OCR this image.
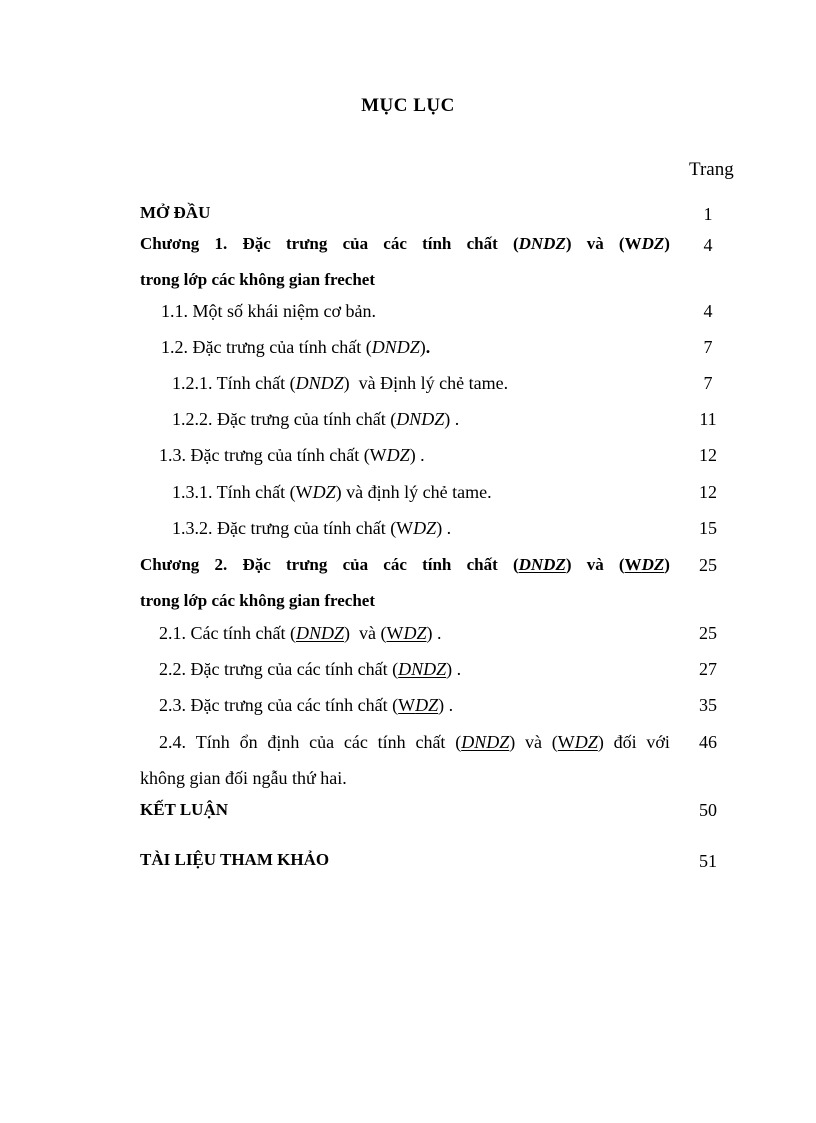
MỤC LỤC
Trang
MỞ ĐẦU	1
Chương 1. Đặc trưng của các tính chất (DNDZ) và (WDZ)	4
trong lớp các không gian frechet
1.1. Một số khái niệm cơ bản.	4
1.2. Đặc trưng của tính chất (DNDZ).	7
1.2.1. Tính chất (DNDZ)  và Định lý chẻ tame.	7
1.2.2. Đặc trưng của tính chất (DNDZ) .	11
1.3. Đặc trưng của tính chất (WDZ) .	12
1.3.1. Tính chất (WDZ) và định lý chẻ tame.	12
1.3.2. Đặc trưng của tính chất (WDZ) .	15
Chương 2. Đặc trưng của các tính chất (DNDZ) và (WDZ)	25
trong lớp các không gian frechet
2.1. Các tính chất (DNDZ)  và (WDZ) .	25
2.2. Đặc trưng của các tính chất (DNDZ) .	27
2.3. Đặc trưng của các tính chất (WDZ) .	35
2.4. Tính ổn định của các tính chất (DNDZ) và (WDZ) đối với	46
không gian đối ngẫu thứ hai.
KẾT LUẬN	50
TÀI LIỆU THAM KHẢO	51
